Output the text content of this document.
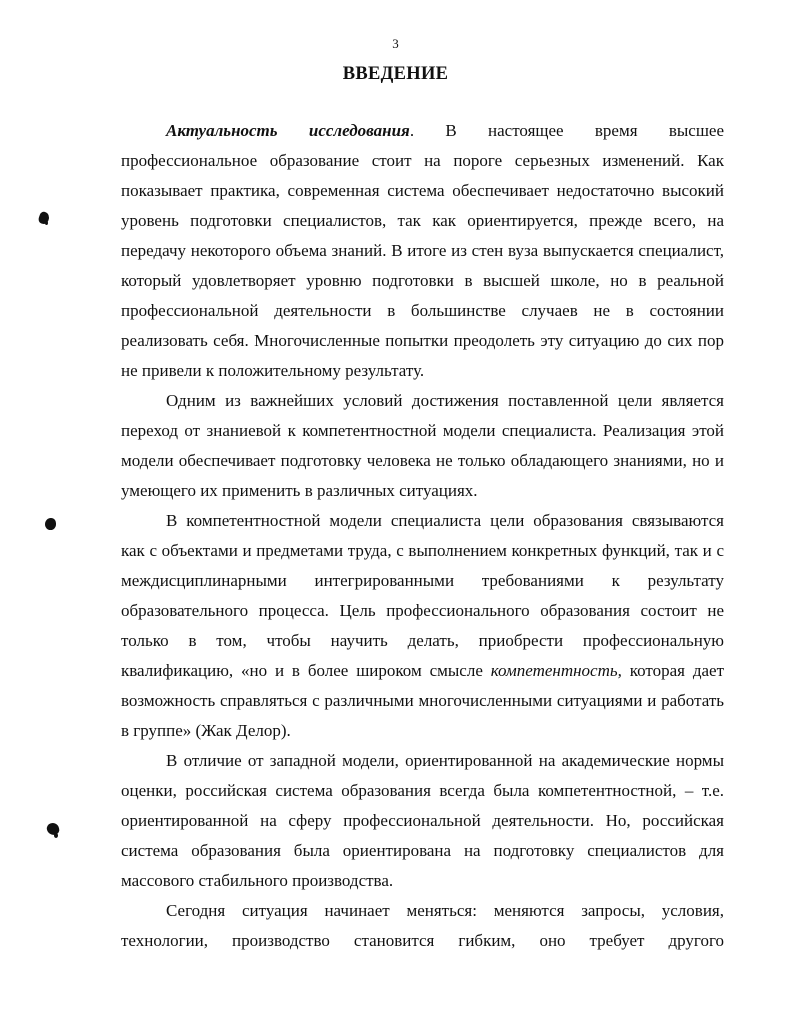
3
ВВЕДЕНИЕ

Актуальность исследования. В настоящее время высшее профессиональное образование стоит на пороге серьезных изменений. Как показывает практика, современная система обеспечивает недостаточно высокий уровень подготовки специалистов, так как ориентируется, прежде всего, на передачу некоторого объема знаний. В итоге из стен вуза выпускается специалист, который удовлетворяет уровню подготовки в высшей школе, но в реальной профессиональной деятельности в большинстве случаев не в состоянии реализовать себя. Многочисленные попытки преодолеть эту ситуацию до сих пор не привели к положительному результату.

Одним из важнейших условий достижения поставленной цели является переход от знаниевой к компетентностной модели специалиста. Реализация этой модели обеспечивает подготовку человека не только обладающего знаниями, но и умеющего их применить в различных ситуациях.

В компетентностной модели специалиста цели образования связываются как с объектами и предметами труда, с выполнением конкретных функций, так и с междисциплинарными интегрированными требованиями к результату образовательного процесса. Цель профессионального образования состоит не только в том, чтобы научить делать, приобрести профессиональную квалификацию, «но и в более широком смысле компетентность, которая дает возможность справляться с различными многочисленными ситуациями и работать в группе» (Жак Делор).

В отличие от западной модели, ориентированной на академические нормы оценки, российская система образования всегда была компетентностной, – т.е. ориентированной на сферу профессиональной деятельности. Но, российская система образования была ориентирована на подготовку специалистов для массового стабильного производства.

Сегодня ситуация начинает меняться: меняются запросы, условия, технологии, производство становится гибким, оно требует другого
